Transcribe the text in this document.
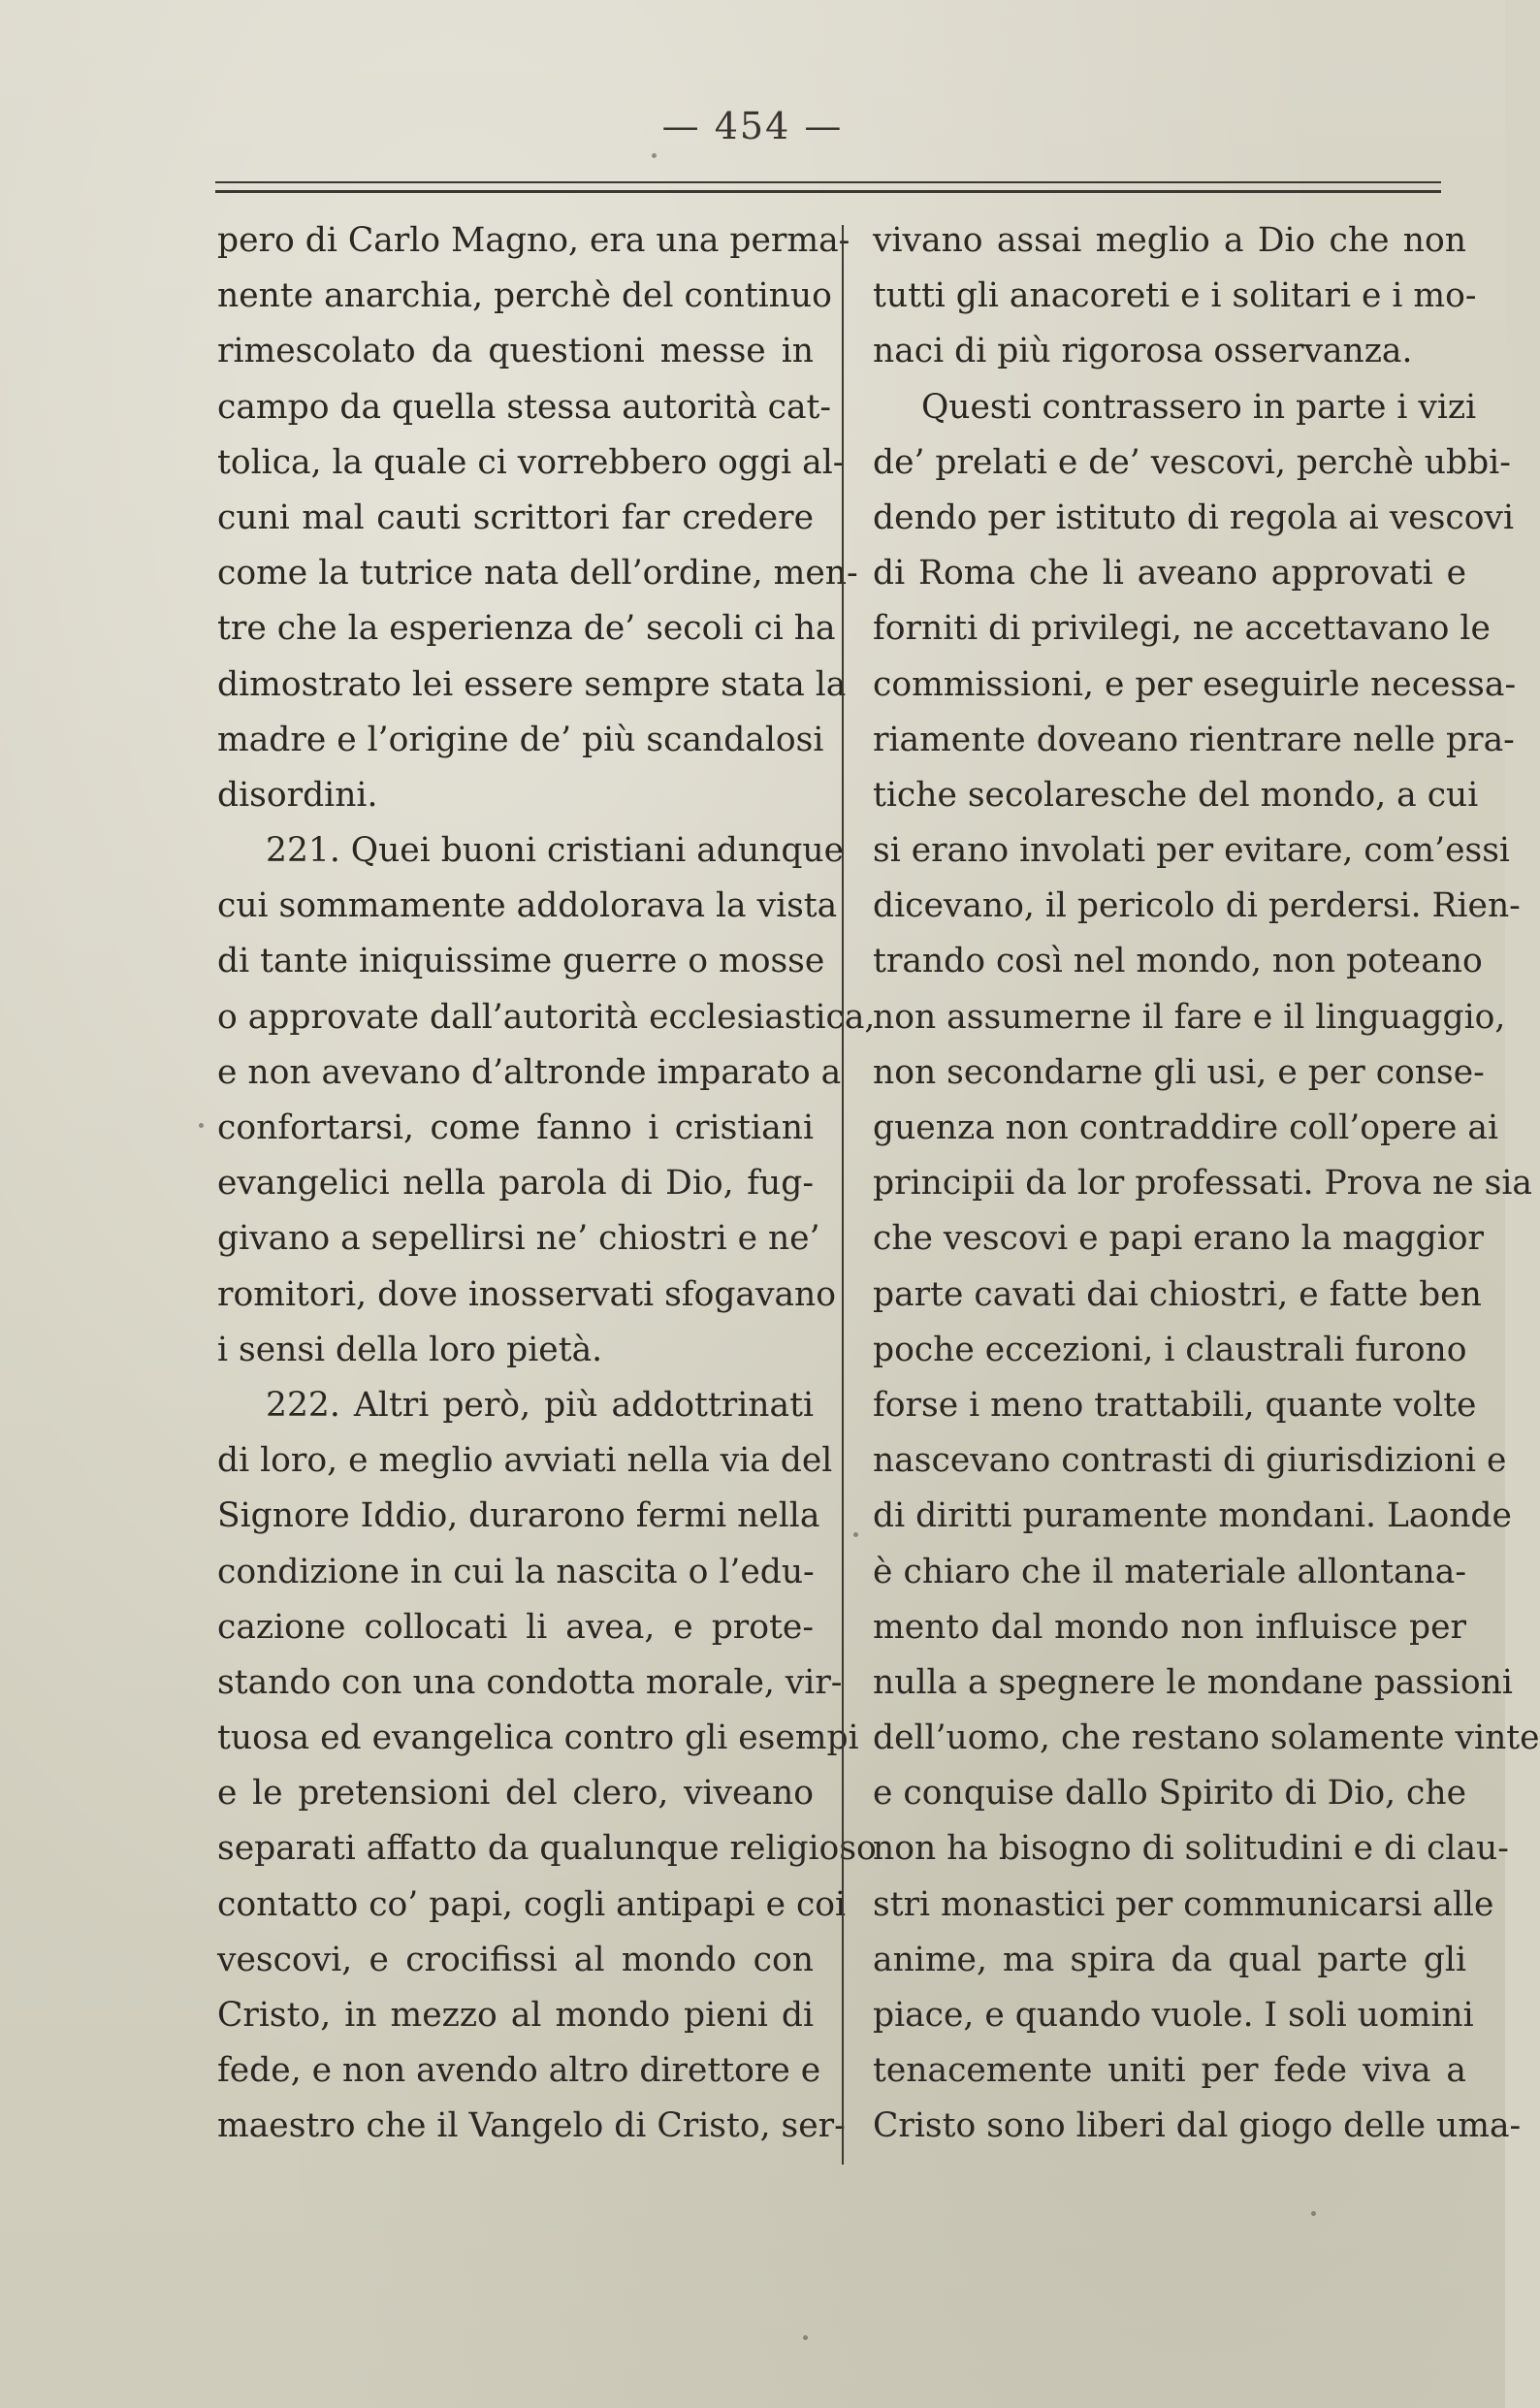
— 454 —
pero di Carlo Magno, era una perma-
nente anarchia, perchè del continuo
rimescolato da questioni messe in
campo da quella stessa autorità cat-
tolica, la quale ci vorrebbero oggi al-
cuni mal cauti scrittori far credere
come la tutrice nata dell’ordine, men-
tre che la esperienza de’ secoli ci ha
dimostrato lei essere sempre stata la
madre e l’origine de’ più scandalosi
disordini.
221. Quei buoni cristiani adunque
cui sommamente addolorava la vista
di tante iniquissime guerre o mosse
o approvate dall’autorità ecclesiastica,
e non avevano d’altronde imparato a
confortarsi, come fanno i cristiani
evangelici nella parola di Dio, fug-
givano a sepellirsi ne’ chiostri e ne’
romitori, dove inosservati sfogavano
i sensi della loro pietà.
222. Altri però, più addottrinati
di loro, e meglio avviati nella via del
Signore Iddio, durarono fermi nella
condizione in cui la nascita o l’edu-
cazione collocati li avea, e prote-
stando con una condotta morale, vir-
tuosa ed evangelica contro gli esempi
e le pretensioni del clero, viveano
separati affatto da qualunque religioso
contatto co’ papi, cogli antipapi e coi
vescovi, e crocifissi al mondo con
Cristo, in mezzo al mondo pieni di
fede, e non avendo altro direttore e
maestro che il Vangelo di Cristo, ser-
vivano assai meglio a Dio che non
tutti gli anacoreti e i solitari e i mo-
naci di più rigorosa osservanza.
Questi contrassero in parte i vizi
de’ prelati e de’ vescovi, perchè ubbi-
dendo per istituto di regola ai vescovi
di Roma che li aveano approvati e
forniti di privilegi, ne accettavano le
commissioni, e per eseguirle necessa-
riamente doveano rientrare nelle pra-
tiche secolaresche del mondo, a cui
si erano involati per evitare, com’essi
dicevano, il pericolo di perdersi. Rien-
trando così nel mondo, non poteano
non assumerne il fare e il linguaggio,
non secondarne gli usi, e per conse-
guenza non contraddire coll’opere ai
principii da lor professati. Prova ne sia
che vescovi e papi erano la maggior
parte cavati dai chiostri, e fatte ben
poche eccezioni, i claustrali furono
forse i meno trattabili, quante volte
nascevano contrasti di giurisdizioni e
di diritti puramente mondani. Laonde
è chiaro che il materiale allontana-
mento dal mondo non influisce per
nulla a spegnere le mondane passioni
dell’uomo, che restano solamente vinte
e conquise dallo Spirito di Dio, che
non ha bisogno di solitudini e di clau-
stri monastici per communicarsi alle
anime, ma spira da qual parte gli
piace, e quando vuole. I soli uomini
tenacemente uniti per fede viva a
Cristo sono liberi dal giogo delle uma-
